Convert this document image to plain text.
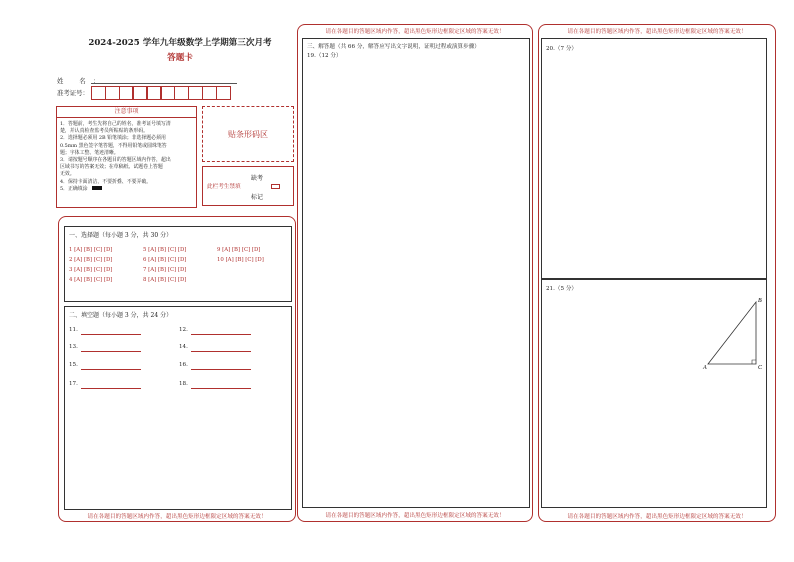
2024-2025 学年九年级数学上学期第三次月考
答题卡
姓 名：
准考证号：
注意事项
1．答题前，考生先将自己的姓名，准考证号填写清
楚，并认真检查监考员所粘贴的条形码。
2．选择题必须用 2B 铅笔填涂；非选择题必须用
0.5mm 黑色签字笔答题，不得用铅笔或圆珠笔答
题；字体工整、笔迹清晰。
3．请按题号顺序在各题目的答题区域内作答，超出
区域书写的答案无效；在草稿纸、试题卷上答题
无效。
4．保持卡面清洁，不要折叠、不要弄破。
5．正确填涂
贴条形码区
缺考
此栏考生禁填
标记
请在各题目的答题区域内作答，超出黑色矩形边框限定区域的答案无效！	请在各题目的答题区域内作答，超出黑色矩形边框限定区域的答案无效！
一、选择题（每小题 3 分，共 30 分）
1 [A] [B] [C] [D]
2 [A] [B] [C] [D]
3 [A] [B] [C] [D]
4 [A] [B] [C] [D]
5 [A] [B] [C] [D]
6 [A] [B] [C] [D]
7 [A] [B] [C] [D]
8 [A] [B] [C] [D]
9 [A] [B] [C] [D]
10 [A] [B] [C] [D]
二、填空题（每小题 3 分，共 24 分）
11.	12.
13.	14.
15.	16.
17.	18.
请在各题目的答题区域内作答，超出黑色矩形边框限定区域的答案无效！
三、解答题（共 66 分，解答应写出文字说明，证明过程或演算步骤）
19.（12 分）
请在各题目的答题区域内作答，超出黑色矩形边框限定区域的答案无效！
20.（7 分）
21.（5 分）
A
B
C
请在各题目的答题区域内作答，超出黑色矩形边框限定区域的答案无效！
